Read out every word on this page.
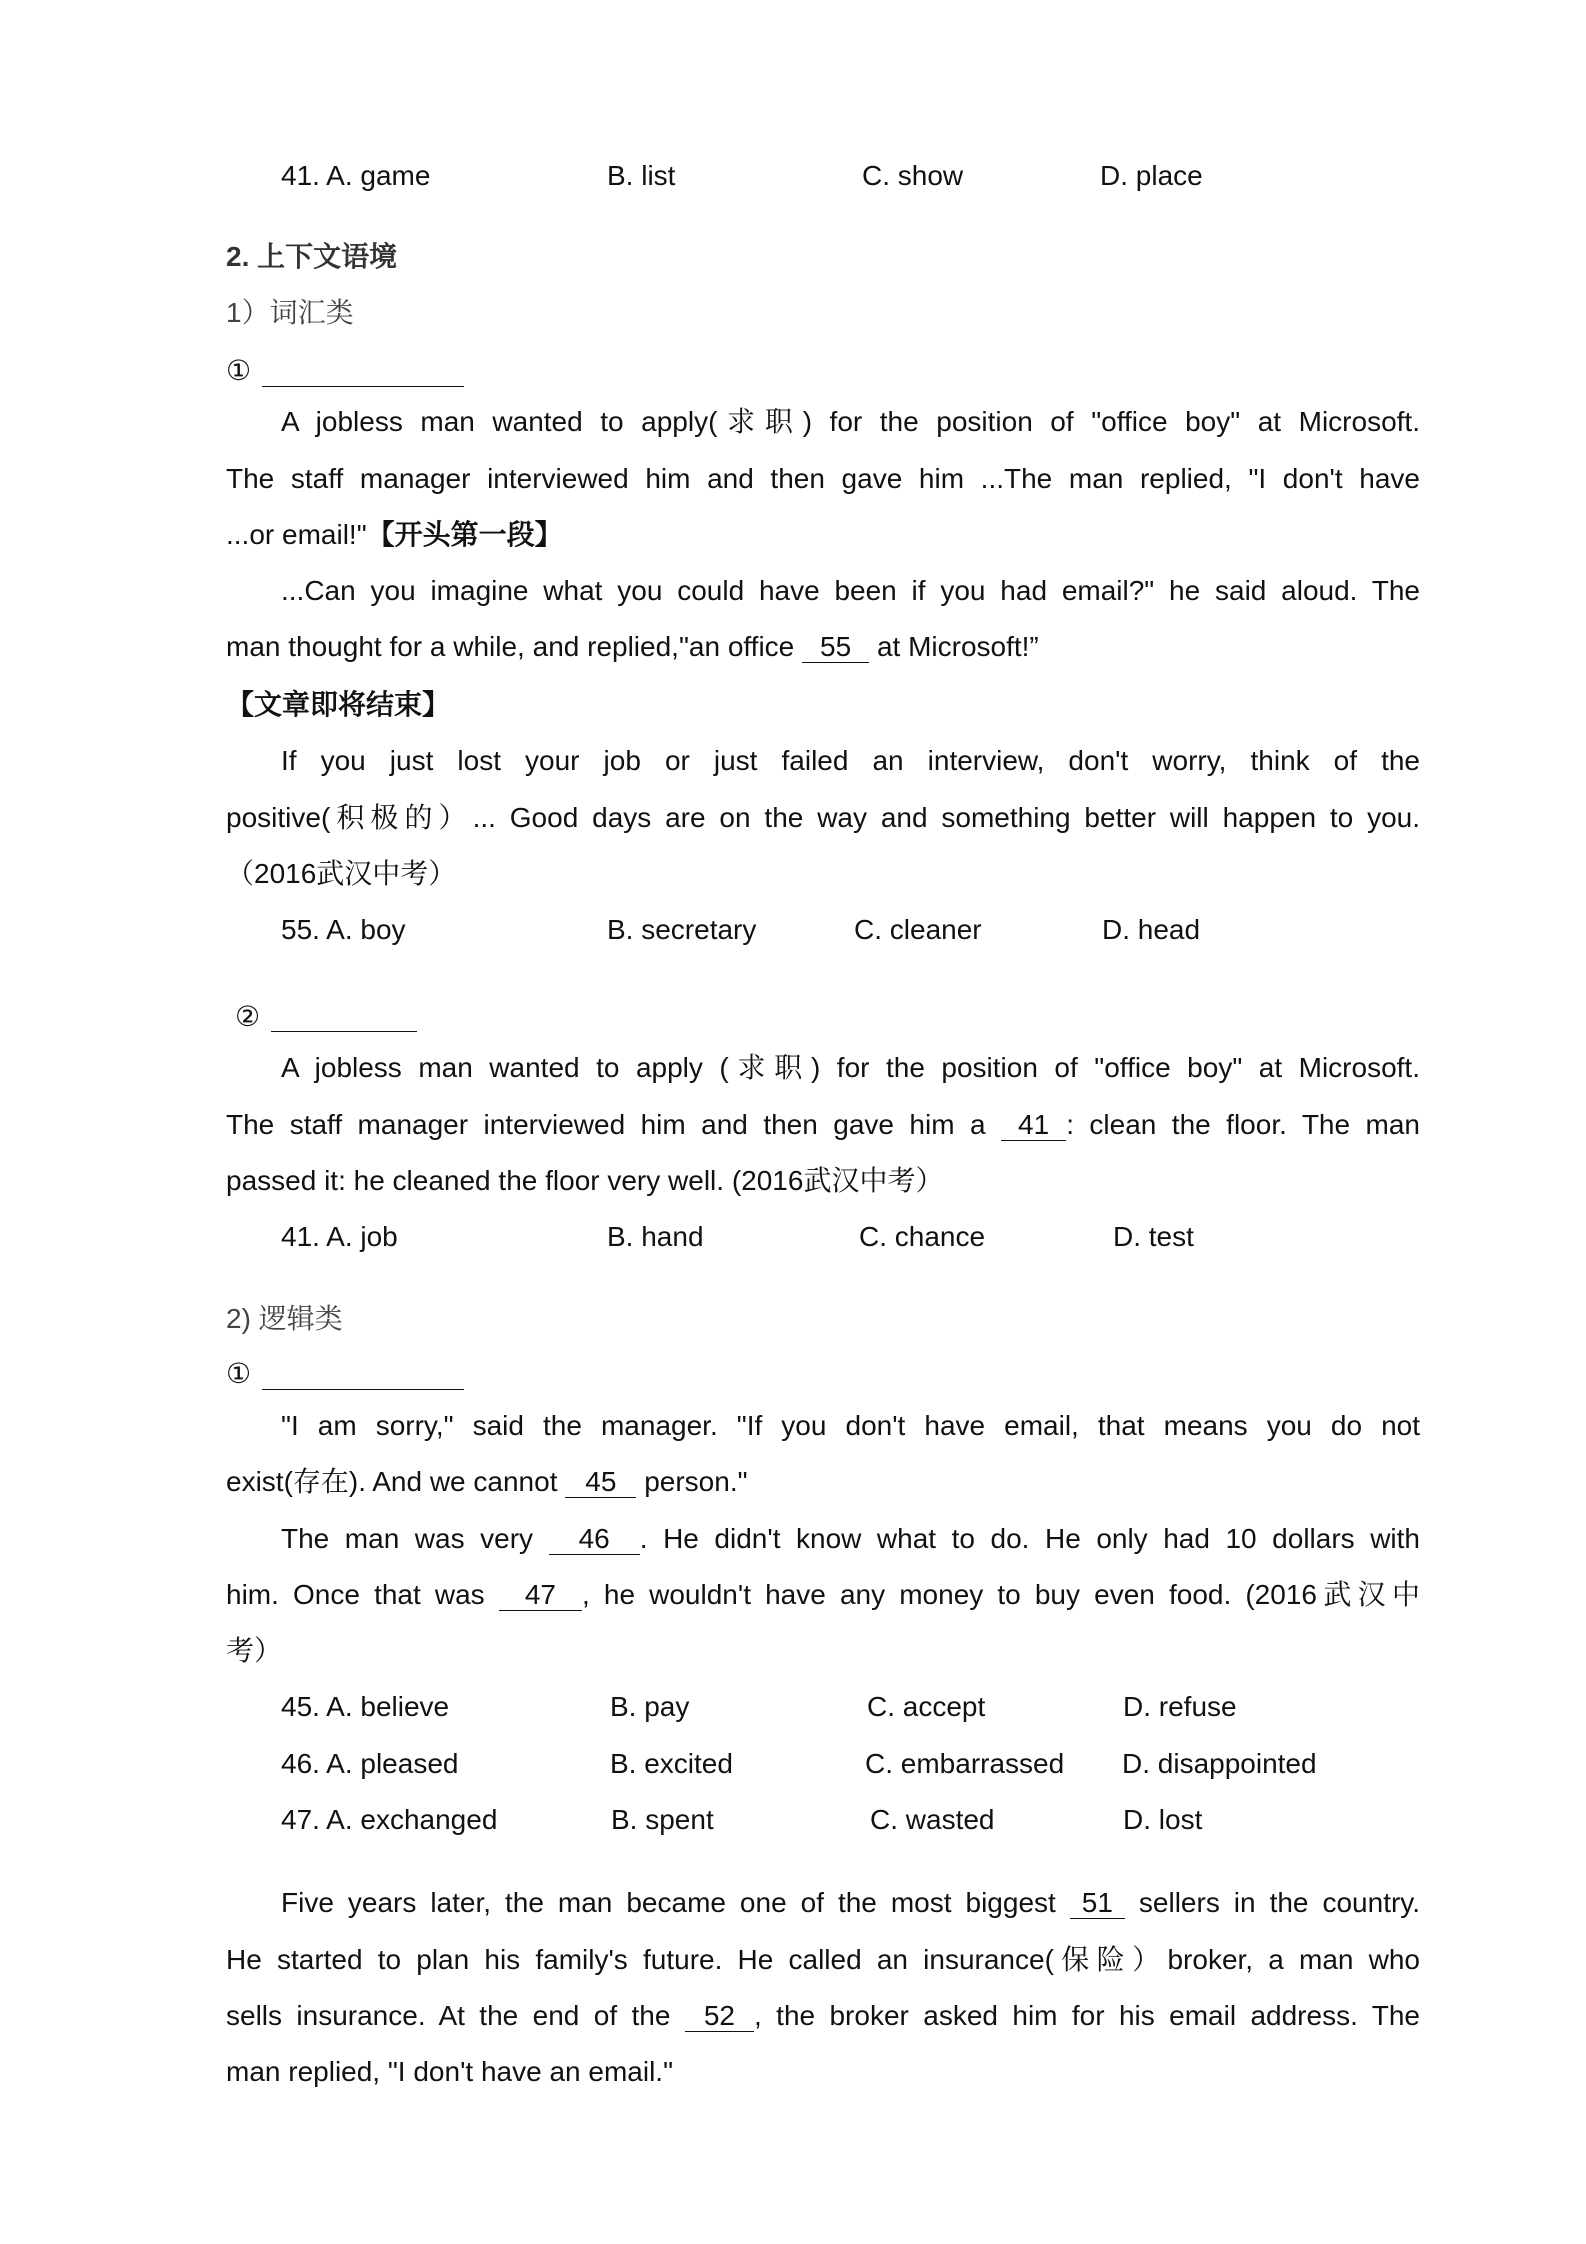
41. A. game	B. list	C. show	D. place
2. 上下文语境
1）词汇类
①
A jobless man wanted to apply(求职) for the position of "office boy" at Microsoft.
The staff manager interviewed him and then gave him ...The man replied, "I don't have
...or email!"【开头第一段】
...Can you imagine what you could have been if you had email?" he said aloud. The
man thought for a while, and replied,"an office 55 at Microsoft!”
【文章即将结束】
If you just lost your job or just failed an interview, don't worry, think of the
positive(积极的）... Good days are on the way and something better will happen to you.
（2016武汉中考）
55. A. boy	B. secretary	C. cleaner	D. head
②
A jobless man wanted to apply (求职) for the position of "office boy" at Microsoft.
The staff manager interviewed him and then gave him a 41 : clean the floor. The man
passed it: he cleaned the floor very well. (2016武汉中考）
41. A. job	B. hand	C. chance	D. test
2) 逻辑类
①
"I am sorry," said the manager. "If you don't have email, that means you do not
exist(存在). And we cannot 45 person."
The man was very 46 . He didn't know what to do. He only had 10 dollars with
him. Once that was 47 , he wouldn't have any money to buy even food. (2016武汉中
考）
45. A. believe	B. pay	C. accept	D. refuse
46. A. pleased	B. excited	C. embarrassed D. disappointed
47. A. exchanged	B. spent	C. wasted	D. lost
Five years later, the man became one of the most biggest 51 sellers in the country.
He started to plan his family's future. He called an insurance(保险）broker, a man who
sells insurance. At the end of the 52 , the broker asked him for his email address. The
man replied, "I don't have an email."
